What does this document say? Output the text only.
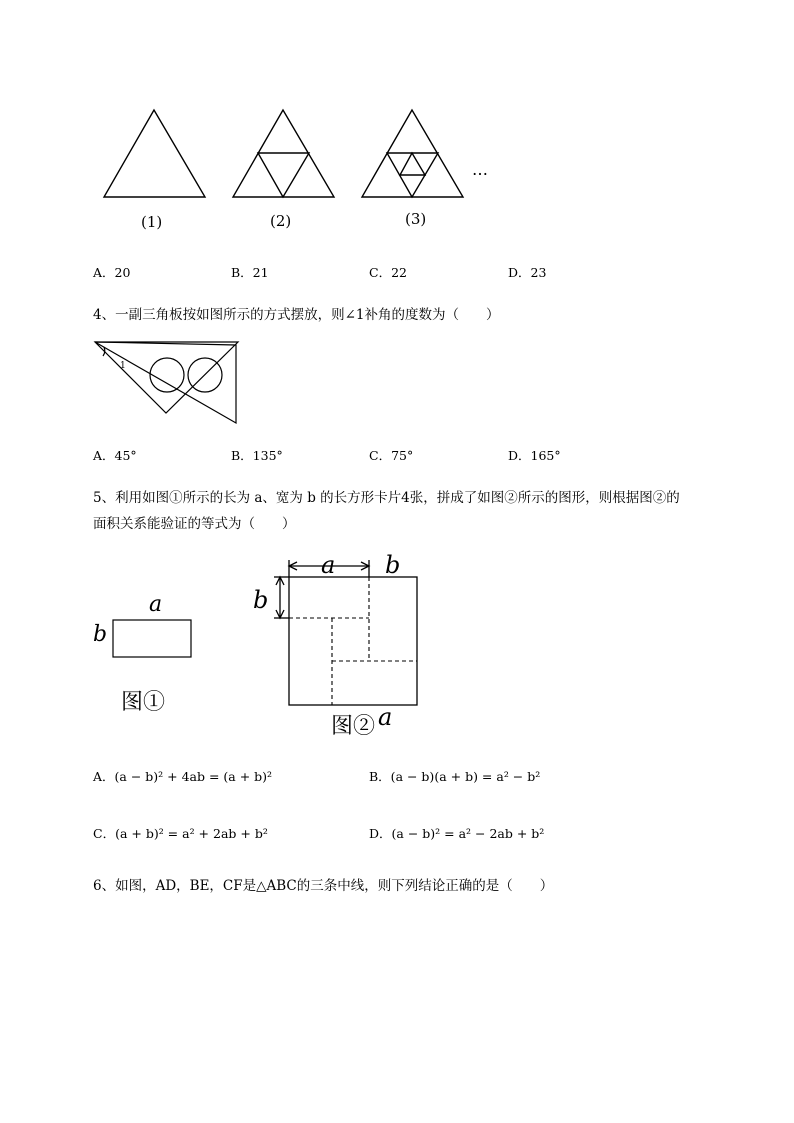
(1)	(2)	(3)
…
A．20	B．21	C．22	D．23
4、一副三角板按如图所示的方式摆放，则∠1补角的度数为（　　）
1
A．45°	B．135°	C．75°	D．165°
5、利用如图①所示的长为 a、宽为 b 的长方形卡片4张，拼成了如图②所示的图形，则根据图②的
面积关系能验证的等式为（　　）
a
b
图①
a b
b
图② a
A．(a − b)² + 4ab = (a + b)²	B．(a − b)(a + b) = a² − b²
C．(a + b)² = a² + 2ab + b²	D．(a − b)² = a² − 2ab + b²
6、如图，AD，BE，CF是△ABC的三条中线，则下列结论正确的是（　　）
